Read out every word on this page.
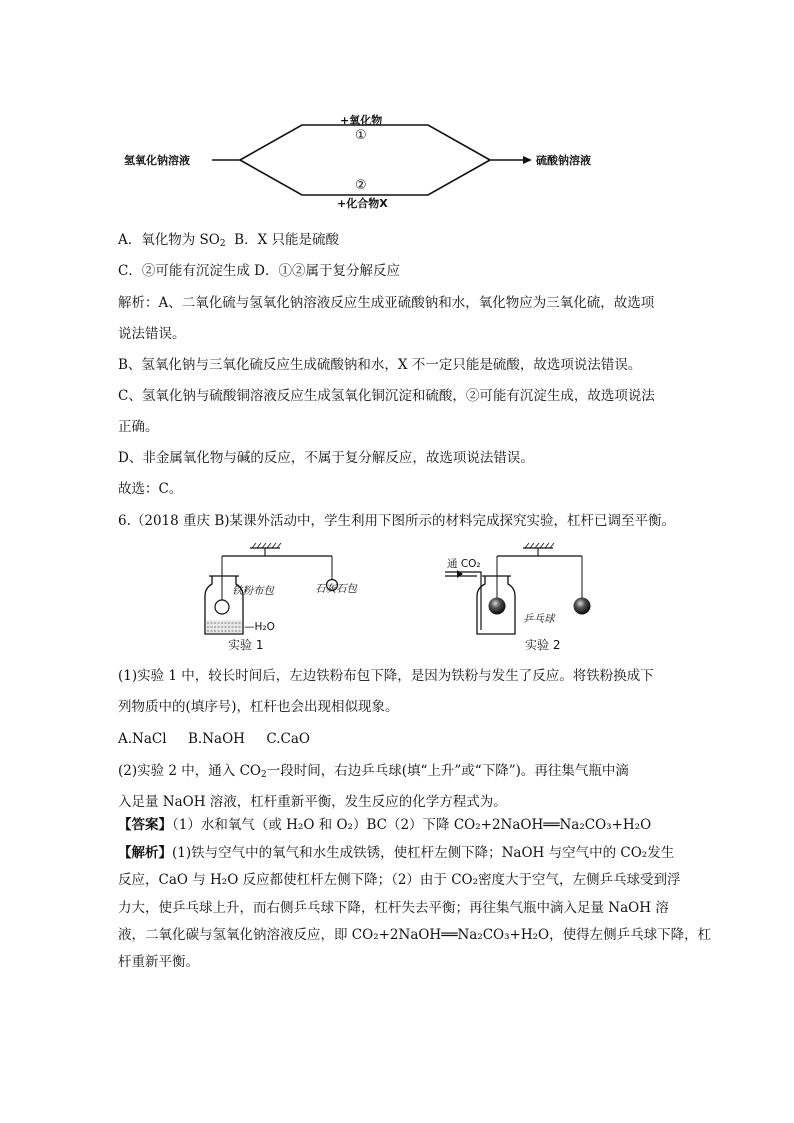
氢氧化钠溶液	硫酸钠溶液
+氧化物
①
②
+化合物X
A．氧化物为 $SO_2$  B．X 只能是硫酸
C．②可能有沉淀生成 D．①②属于复分解反应
解析：A、二氧化硫与氢氧化钠溶液反应生成亚硫酸钠和水，氧化物应为三氧化硫，故选项
说法错误。
B、氢氧化钠与三氧化硫反应生成硫酸钠和水，X 不一定只能是硫酸，故选项说法错误。
C、氢氧化钠与硫酸铜溶液反应生成氢氧化铜沉淀和硫酸，②可能有沉淀生成，故选项说法
正确。
D、非金属氧化物与碱的反应，不属于复分解反应，故选项说法错误。
故选：C。
6.（2018 重庆 B)某课外活动中，学生利用下图所示的材料完成探究实验，杠杆已调至平衡。
铁粉布包	石灰石包
—H₂O
实验 1
通 CO₂
乒乓球
实验 2
(1)实验 1 中，较长时间后，左边铁粉布包下降，是因为铁粉与发生了反应。将铁粉换成下
列物质中的(填序号)，杠杆也会出现相似现象。
A.NaCl     B.NaOH     C.CaO
(2)实验 2 中，通入 $CO_2$一段时间，右边乒乓球(填“上升”或“下降”)。再往集气瓶中滴
入足量 NaOH 溶液，杠杆重新平衡，发生反应的化学方程式为。
【答案】（1）水和氧气（或 H₂O 和 O₂）BC（2）下降 CO₂+2NaOH══Na₂CO₃+H₂O
【解析】(1)铁与空气中的氧气和水生成铁锈，使杠杆左侧下降；NaOH 与空气中的 CO₂发生
反应，CaO 与 H₂O 反应都使杠杆左侧下降；（2）由于 CO₂密度大于空气，左侧乒乓球受到浮
力大，使乒乓球上升，而右侧乒乓球下降，杠杆失去平衡；再往集气瓶中滴入足量 NaOH 溶
液，二氧化碳与氢氧化钠溶液反应，即 CO₂+2NaOH══Na₂CO₃+H₂O，使得左侧乒乓球下降，杠
杆重新平衡。
